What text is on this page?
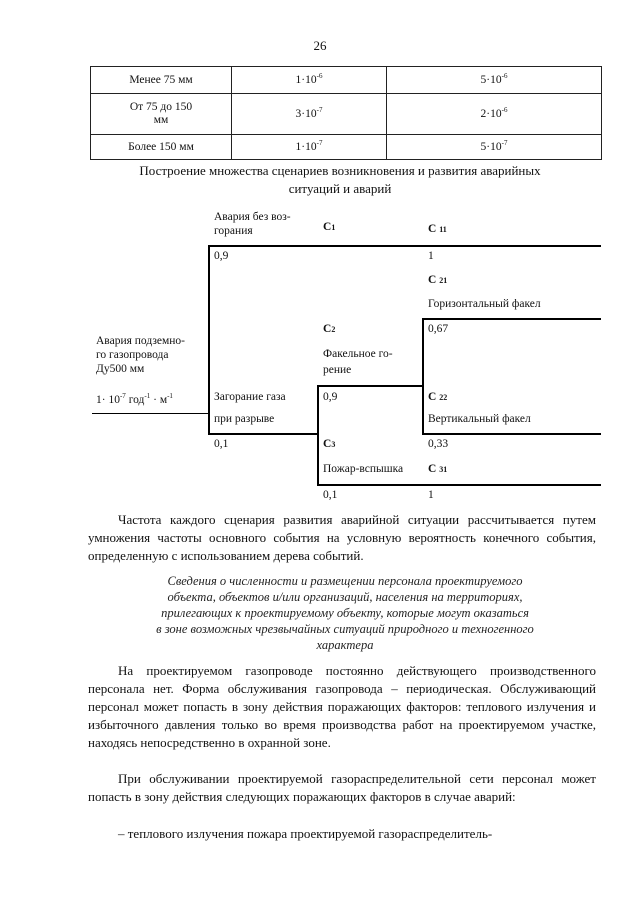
26
Менее 75 мм	$1\cdot 10^{-6}$	$5\cdot 10^{-6}$

От 75 до 150
мм	$3\cdot 10^{-7}$	$2\cdot 10^{-6}$
Более 150 мм	$1\cdot 10^{-7}$	$5\cdot 10^{-7}$
Построение множества сценариев возникновения и развития аварийных
ситуаций и аварий
Авария подземно-
го газопровода
Ду500 мм
$1\cdot 10^{-7}$ $год^{-1} \cdot м^{-1}$
Авария без воз-
горания
0,9
Загорание газа
при разрыве
0,1
С1
С2
Факельное го-
рение
0,9
С3
Пожар-вспышка
0,1
С 11
1
С 21
Горизонтальный факел
0,67
С 22
Вертикальный факел
0,33
С 31
1
Частота каждого сценария развития аварийной ситуации рассчитывается путем умножения частоты основного события на условную вероятность конечного события, определенную с использованием дерева событий.
Сведения о численности и размещении персонала проектируемого
объекта, объектов и/или организаций, населения на территориях,
прилегающих к проектируемому объекту, которые могут оказаться
в зоне возможных чрезвычайных ситуаций природного и техногенного
характера
На проектируемом газопроводе постоянно действующего производственного персонала нет. Форма обслуживания газопровода – периодическая. Обслуживающий персонал может попасть в зону действия поражающих факторов: теплового излучения и избыточного давления только во время производства работ на проектируемом участке, находясь непосредственно в охранной зоне.
При обслуживании проектируемой газораспределительной сети персонал может попасть в зону действия следующих поражающих факторов в случае аварий:
– теплового излучения пожара проектируемой газораспределитель-
